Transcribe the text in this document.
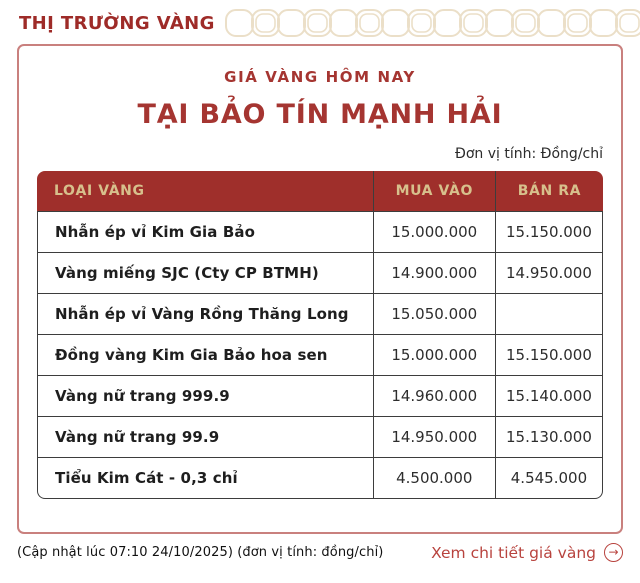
THỊ TRƯỜNG VÀNG
GIÁ VÀNG HÔM NAY
TẠI BẢO TÍN MẠNH HẢI
Đơn vị tính: Đồng/chỉ
LOẠI VÀNG	MUA VÀO	BÁN RA
Nhẫn ép vỉ Kim Gia Bảo	15.000.000	15.150.000
Vàng miếng SJC (Cty CP BTMH)	14.900.000	14.950.000
Nhẫn ép vỉ Vàng Rồng Thăng Long	15.050.000	
Đồng vàng Kim Gia Bảo hoa sen	15.000.000	15.150.000
Vàng nữ trang 999.9	14.960.000	15.140.000
Vàng nữ trang 99.9	14.950.000	15.130.000
Tiểu Kim Cát - 0,3 chỉ	4.500.000	4.545.000
(Cập nhật lúc 07:10 24/10/2025) (đơn vị tính: đồng/chỉ)	Xem chi tiết giá vàng	→
